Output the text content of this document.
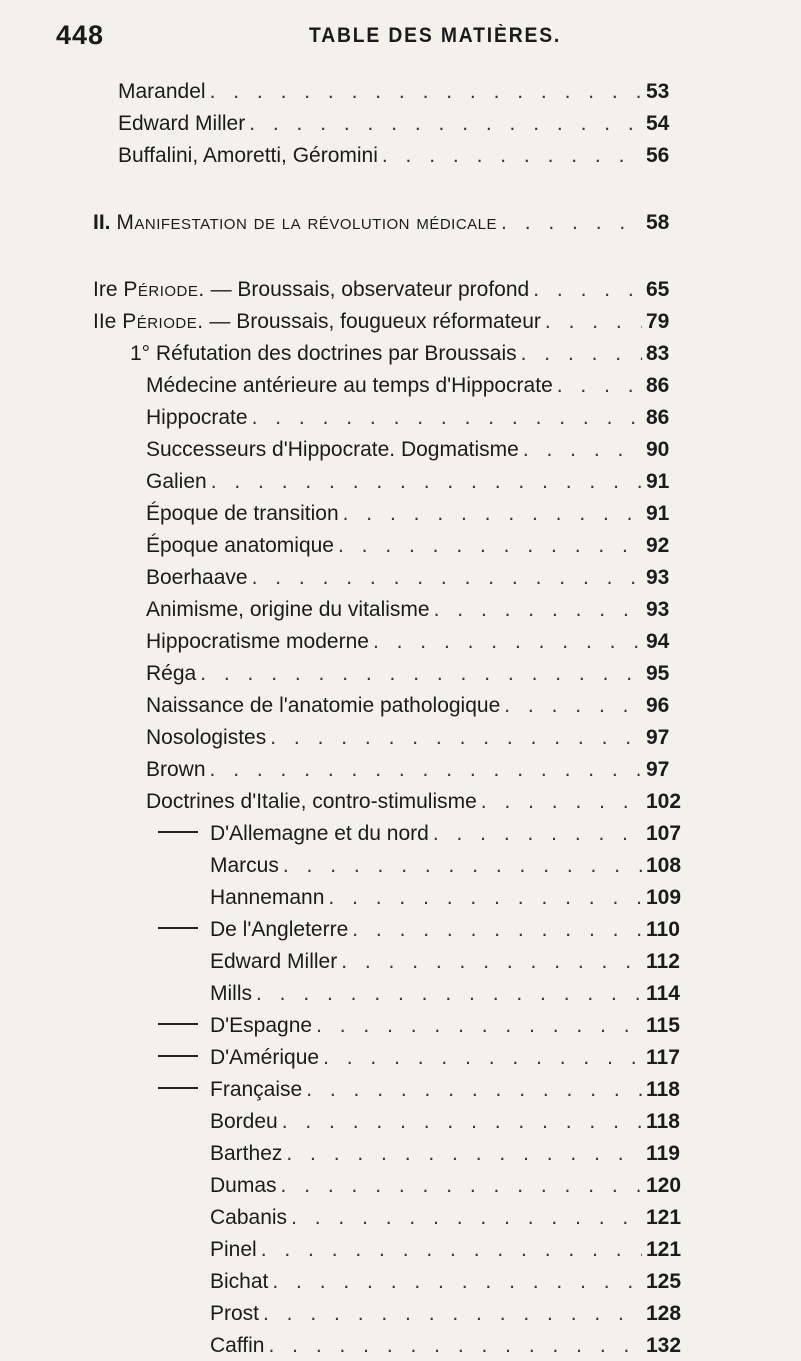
448	TABLE DES MATIÈRES.
Marandel . . .	53
Edward Miller . . .	54
Buffalini, Amoretti, Géromini . . .	56
II. Manifestation de la révolution médicale . . .	58
Ire Période. — Broussais, observateur profond . . .	65
IIe Période. — Broussais, fougueux réformateur . . .	79
1° Réfutation des doctrines par Broussais . . .	83
Médecine antérieure au temps d'Hippocrate . . .	86
Hippocrate . . .	86
Successeurs d'Hippocrate. Dogmatisme . . .	90
Galien . . .	91
Époque de transition . . .	91
Époque anatomique . . .	92
Boerhaave . . .	93
Animisme, origine du vitalisme . . .	93
Hippocratisme moderne . . .	94
Réga . . .	95
Naissance de l'anatomie pathologique . . .	96
Nosologistes . . .	97
Brown . . .	97
Doctrines d'Italie, contro-stimulisme . . .	102
D'Allemagne et du nord . . .	107
Marcus . . .	108
Hannemann . . .	109
De l'Angleterre . . .	110
Edward Miller . . .	112
Mills . . .	114
D'Espagne . . .	115
D'Amérique . . .	117
Française . . .	118
Bordeu . . .	118
Barthez . . .	119
Dumas . . .	120
Cabanis . . .	121
Pinel . . .	121
Bichat . . .	125
Prost . . .	128
Caffin . . .	132
